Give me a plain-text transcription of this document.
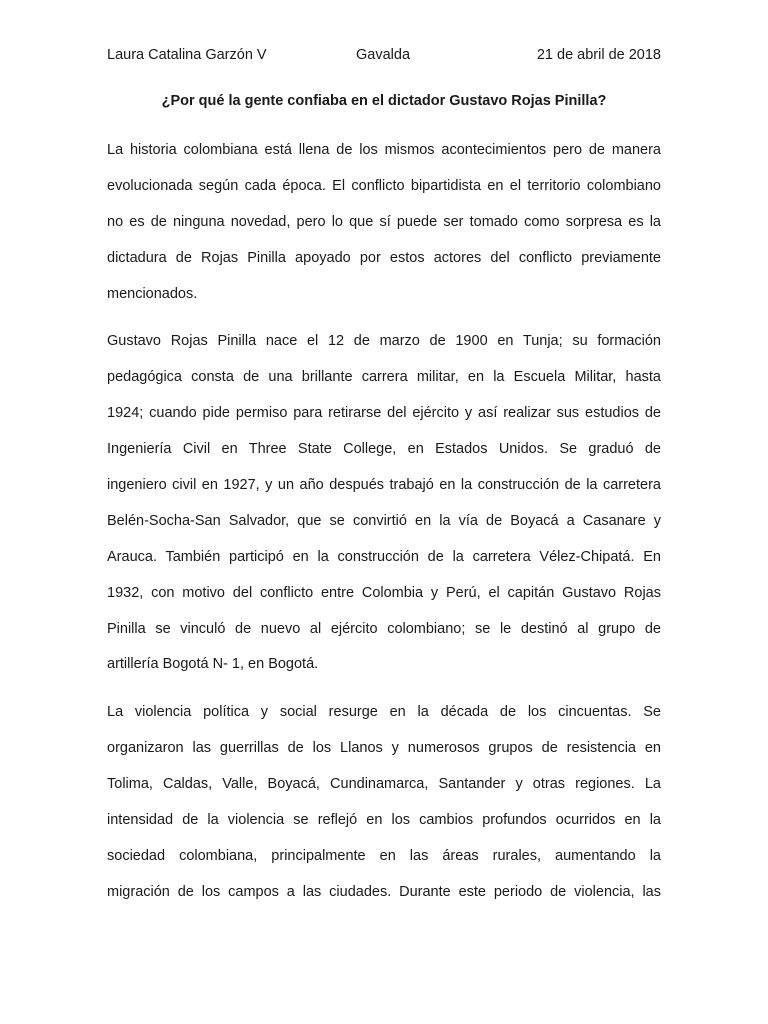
Laura Catalina Garzón V	Gavalda	21 de abril de 2018
¿Por qué la gente confiaba en el dictador Gustavo Rojas Pinilla?
La historia colombiana está llena de los mismos acontecimientos pero de manera
evolucionada según cada época. El conflicto bipartidista en el territorio colombiano
no es de ninguna novedad, pero lo que sí puede ser tomado como sorpresa es la
dictadura de Rojas Pinilla apoyado por estos actores del conflicto previamente
mencionados.
Gustavo Rojas Pinilla nace el 12 de marzo de 1900 en Tunja; su formación
pedagógica consta de una brillante carrera militar, en la Escuela Militar, hasta
1924; cuando pide permiso para retirarse del ejército y así realizar sus estudios de
Ingeniería Civil en Three State College, en Estados Unidos. Se graduó de
ingeniero civil en 1927, y un año después trabajó en la construcción de la carretera
Belén-Socha-San Salvador, que se convirtió en la vía de Boyacá a Casanare y
Arauca. También participó en la construcción de la carretera Vélez-Chipatá. En
1932, con motivo del conflicto entre Colombia y Perú, el capitán Gustavo Rojas
Pinilla se vinculó de nuevo al ejército colombiano; se le destinó al grupo de
artillería Bogotá N- 1, en Bogotá.
La violencia política y social resurge en la década de los cincuentas. Se
organizaron las guerrillas de los Llanos y numerosos grupos de resistencia en
Tolima, Caldas, Valle, Boyacá, Cundinamarca, Santander y otras regiones. La
intensidad de la violencia se reflejó en los cambios profundos ocurridos en la
sociedad colombiana, principalmente en las áreas rurales, aumentando la
migración de los campos a las ciudades. Durante este periodo de violencia, las
